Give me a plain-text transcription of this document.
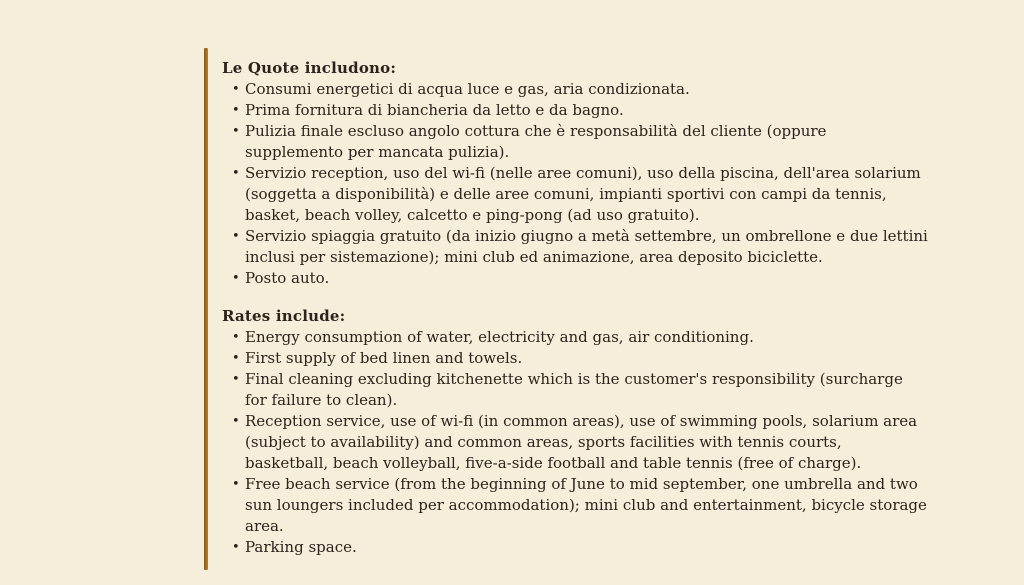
Le Quote includono:

• Consumi energetici di acqua luce e gas, aria condizionata.
• Prima fornitura di biancheria da letto e da bagno.
• Pulizia finale escluso angolo cottura che è responsabilità del cliente (oppure supplemento per mancata pulizia).
• Servizio reception, uso del wi-fi (nelle aree comuni), uso della piscina, dell'area solarium (soggetta a disponibilità) e delle aree comuni, impianti sportivi con campi da tennis, basket, beach volley, calcetto e ping-pong (ad uso gratuito).
• Servizio spiaggia gratuito (da inizio giugno a metà settembre, un ombrellone e due lettini inclusi per sistemazione); mini club ed animazione, area deposito biciclette.
• Posto auto.

Rates include:

• Energy consumption of water, electricity and gas, air conditioning.
• First supply of bed linen and towels.
• Final cleaning excluding kitchenette which is the customer's responsibility (surcharge for failure to clean).
• Reception service, use of wi-fi (in common areas), use of swimming pools, solarium area (subject to availability) and common areas, sports facilities with tennis courts, basketball, beach volleyball, five-a-side football and table tennis (free of charge).
• Free beach service (from the beginning of June to mid september, one umbrella and two sun loungers included per accommodation); mini club and entertainment, bicycle storage area.
• Parking space.
